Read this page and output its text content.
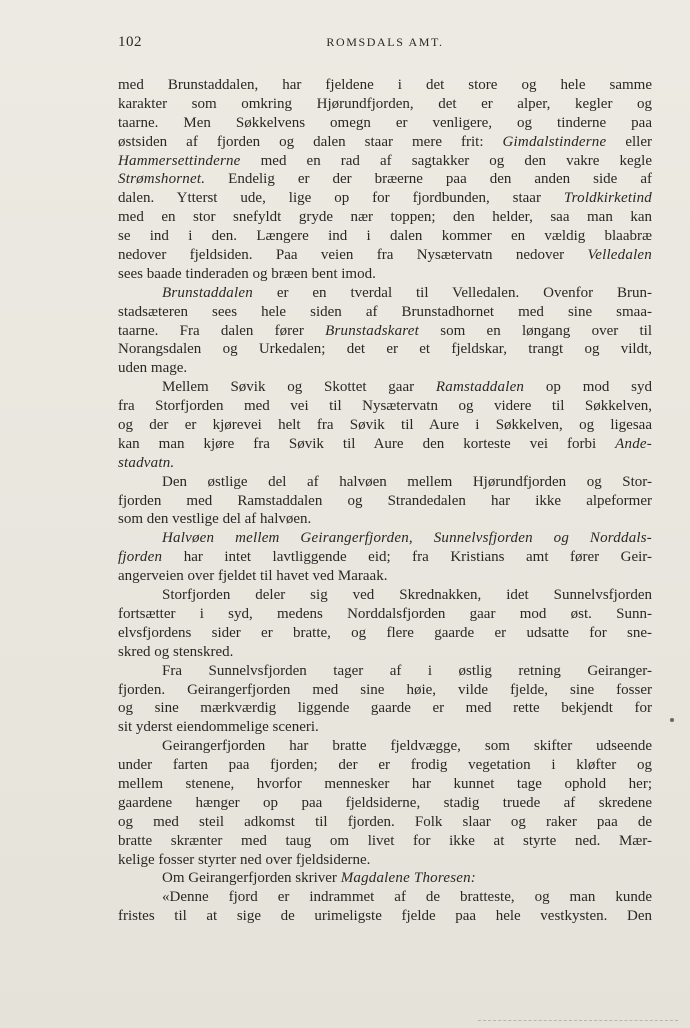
102	ROMSDALS AMT.
med Brunstaddalen, har fjeldene i det store og hele samme
karakter som omkring Hjørundfjorden, det er alper, kegler og
taarne. Men Søkkelvens omegn er venligere, og tinderne paa
østsiden af fjorden og dalen staar mere frit: Gimdalstinderne eller
Hammersettinderne med en rad af sagtakker og den vakre kegle
Strømshornet. Endelig er der bræerne paa den anden side af
dalen. Ytterst ude, lige op for fjordbunden, staar Troldkirketind
med en stor snefyldt gryde nær toppen; den helder, saa man kan
se ind i den. Længere ind i dalen kommer en vældig blaabræ
nedover fjeldsiden. Paa veien fra Nysætervatn nedover Velledalen
sees baade tinderaden og bræen bent imod.
Brunstaddalen er en tverdal til Velledalen. Ovenfor Brun-
stadsæteren sees hele siden af Brunstadhornet med sine smaa-
taarne. Fra dalen fører Brunstadskaret som en løngang over til
Norangsdalen og Urkedalen; det er et fjeldskar, trangt og vildt,
uden mage.
Mellem Søvik og Skottet gaar Ramstaddalen op mod syd
fra Storfjorden med vei til Nysætervatn og videre til Søkkelven,
og der er kjørevei helt fra Søvik til Aure i Søkkelven, og ligesaa
kan man kjøre fra Søvik til Aure den korteste vei forbi Ande-
stadvatn.
Den østlige del af halvøen mellem Hjørundfjorden og Stor-
fjorden med Ramstaddalen og Strandedalen har ikke alpeformer
som den vestlige del af halvøen.
Halvøen mellem Geirangerfjorden, Sunnelvsfjorden og Norddals-
fjorden har intet lavtliggende eid; fra Kristians amt fører Geir-
angerveien over fjeldet til havet ved Maraak.
Storfjorden deler sig ved Skrednakken, idet Sunnelvsfjorden
fortsætter i syd, medens Norddalsfjorden gaar mod øst. Sunn-
elvsfjordens sider er bratte, og flere gaarde er udsatte for sne-
skred og stenskred.
Fra Sunnelvsfjorden tager af i østlig retning Geiranger-
fjorden. Geirangerfjorden med sine høie, vilde fjelde, sine fosser
og sine mærkværdig liggende gaarde er med rette bekjendt for
sit yderst eiendommelige sceneri.
Geirangerfjorden har bratte fjeldvægge, som skifter udseende
under farten paa fjorden; der er frodig vegetation i kløfter og
mellem stenene, hvorfor mennesker har kunnet tage ophold her;
gaardene hænger op paa fjeldsiderne, stadig truede af skredene
og med steil adkomst til fjorden. Folk slaar og raker paa de
bratte skrænter med taug om livet for ikke at styrte ned. Mær-
kelige fosser styrter ned over fjeldsiderne.
Om Geirangerfjorden skriver Magdalene Thoresen:
«Denne fjord er indrammet af de bratteste, og man kunde
fristes til at sige de urimeligste fjelde paa hele vestkysten. Den
